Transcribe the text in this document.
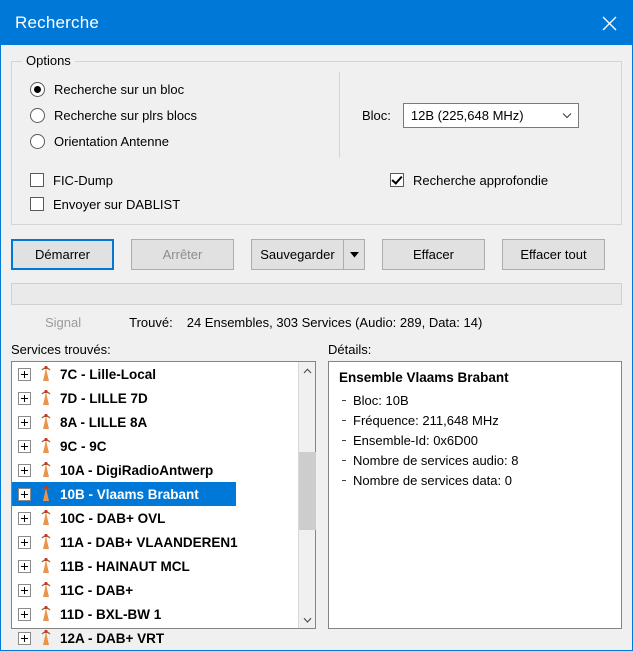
Recherche
Options
Recherche sur un bloc
Recherche sur plrs blocs
Orientation Antenne
Bloc:	12B (225,648 MHz)
FIC-Dump
Envoyer sur DABLIST
Recherche approfondie
Démarrer	Arrêter	Sauvegarder	Effacer	Effacer tout
Signal	Trouvé: 24 Ensembles, 303 Services (Audio: 289, Data: 14)
Services trouvés:
7C - Lille-Local
7D - LILLE 7D
8A - LILLE 8A
9C - 9C
10A - DigiRadioAntwerp
10B - Vlaams Brabant
10C - DAB+ OVL
11A - DAB+ VLAANDEREN1
11B - HAINAUT MCL
11C - DAB+
11D - BXL-BW 1
12A - DAB+ VRT
Détails:
Ensemble Vlaams Brabant
Bloc: 10B
Fréquence: 211,648 MHz
Ensemble-Id: 0x6D00
Nombre de services audio: 8
Nombre de services data: 0
